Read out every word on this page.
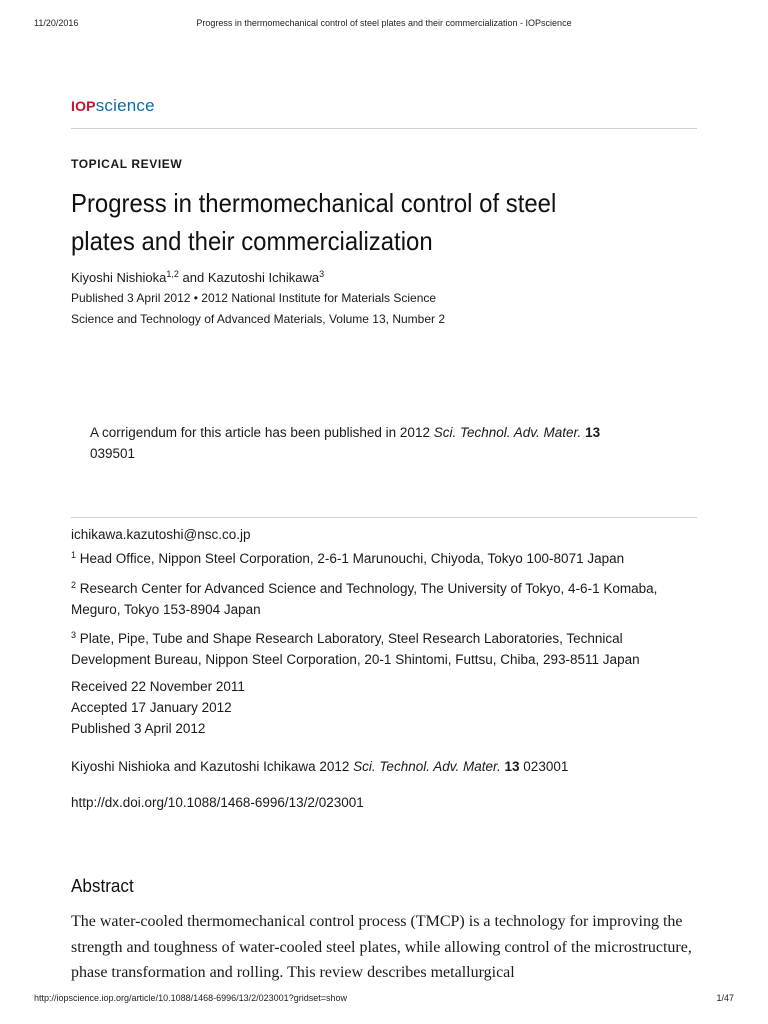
11/20/2016	Progress in thermomechanical control of steel plates and their commercialization - IOPscience
IOPscience
TOPICAL REVIEW
Progress in thermomechanical control of steel plates and their commercialization
Kiyoshi Nishioka$^{1,2}$ and Kazutoshi Ichikawa$^3$
Published 3 April 2012 • 2012 National Institute for Materials Science
Science and Technology of Advanced Materials, Volume 13, Number 2
A corrigendum for this article has been published in 2012 Sci. Technol. Adv. Mater. 13
039501
ichikawa.kazutoshi@nsc.co.jp
$^1$ Head Office, Nippon Steel Corporation, 2-6-1 Marunouchi, Chiyoda, Tokyo 100-8071 Japan
$^2$ Research Center for Advanced Science and Technology, The University of Tokyo, 4-6-1 Komaba, Meguro, Tokyo 153-8904 Japan
$^3$ Plate, Pipe, Tube and Shape Research Laboratory, Steel Research Laboratories, Technical Development Bureau, Nippon Steel Corporation, 20-1 Shintomi, Futtsu, Chiba, 293-8511 Japan
Received 22 November 2011
Accepted 17 January 2012
Published 3 April 2012
Kiyoshi Nishioka and Kazutoshi Ichikawa 2012 Sci. Technol. Adv. Mater. 13 023001
http://dx.doi.org/10.1088/1468-6996/13/2/023001
Abstract
The water-cooled thermomechanical control process (TMCP) is a technology for improving the strength and toughness of water-cooled steel plates, while allowing control of the microstructure, phase transformation and rolling. This review describes metallurgical
http://iopscience.iop.org/article/10.1088/1468-6996/13/2/023001?gridset=show	1/47
